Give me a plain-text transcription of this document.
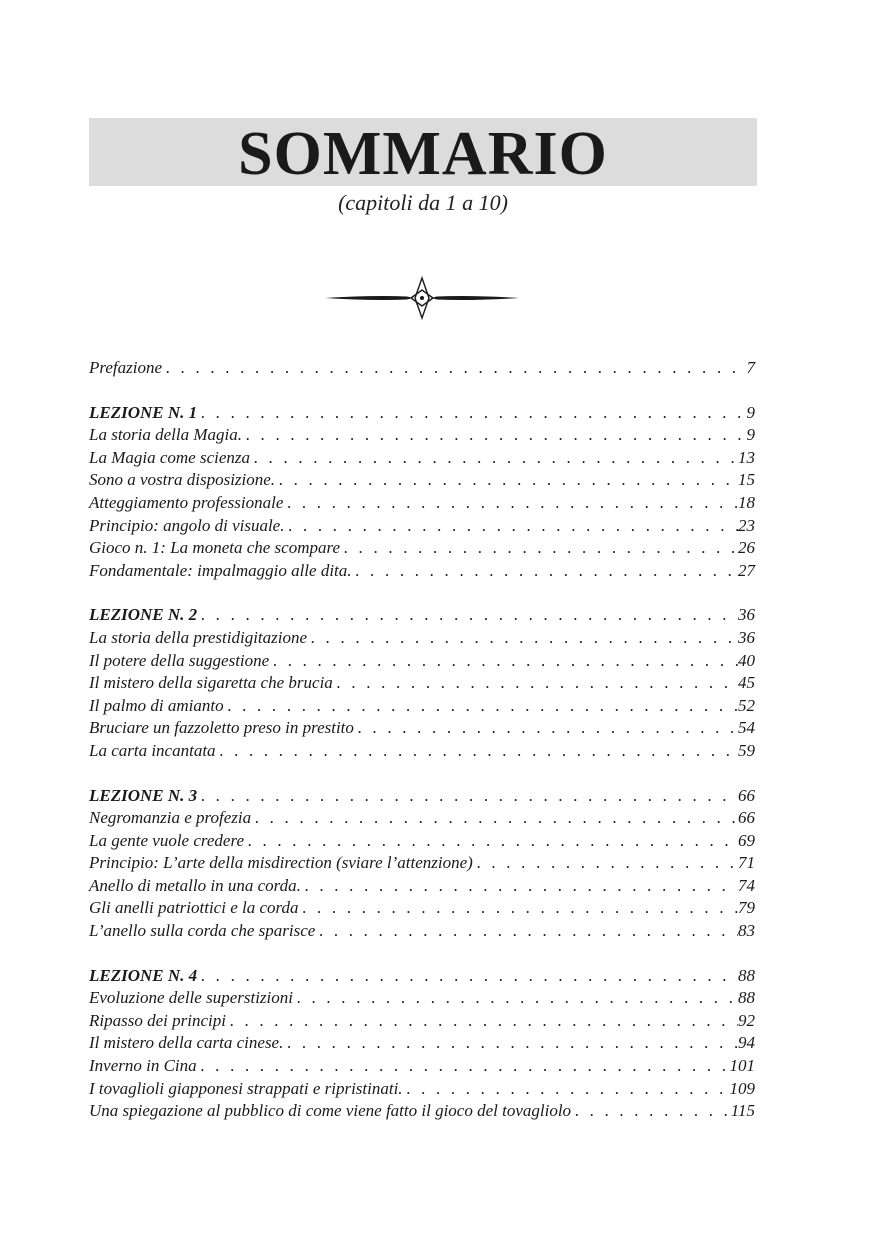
SOMMARIO
(capitoli da 1 a 10)
Prefazione . . .	7
LEZIONE N. 1 . . .	9
La storia della Magia. . . .	9
La Magia come scienza . . .	13
Sono a vostra disposizione. . . .	15
Atteggiamento professionale . . .	18
Principio: angolo di visuale. . . .	23
Gioco n. 1: La moneta che scompare . . .	26
Fondamentale: impalmaggio alle dita. . . .	27
LEZIONE N. 2 . . .	36
La storia della prestidigitazione . . .	36
Il potere della suggestione . . .	40
Il mistero della sigaretta che brucia . . .	45
Il palmo di amianto . . .	52
Bruciare un fazzoletto preso in prestito . . .	54
La carta incantata . . .	59
LEZIONE N. 3 . . .	66
Negromanzia e profezia . . .	66
La gente vuole credere . . .	69
Principio: L’arte della misdirection (sviare l’attenzione) . . .	71
Anello di metallo in una corda. . . .	74
Gli anelli patriottici e la corda . . .	79
L’anello sulla corda che sparisce . . .	83
LEZIONE N. 4 . . .	88
Evoluzione delle superstizioni . . .	88
Ripasso dei principi . . .	92
Il mistero della carta cinese. . . .	94
Inverno in Cina . . .	101
I tovaglioli giapponesi strappati e ripristinati. . . .	109
Una spiegazione al pubblico di come viene fatto il gioco del tovagliolo . . .	115
